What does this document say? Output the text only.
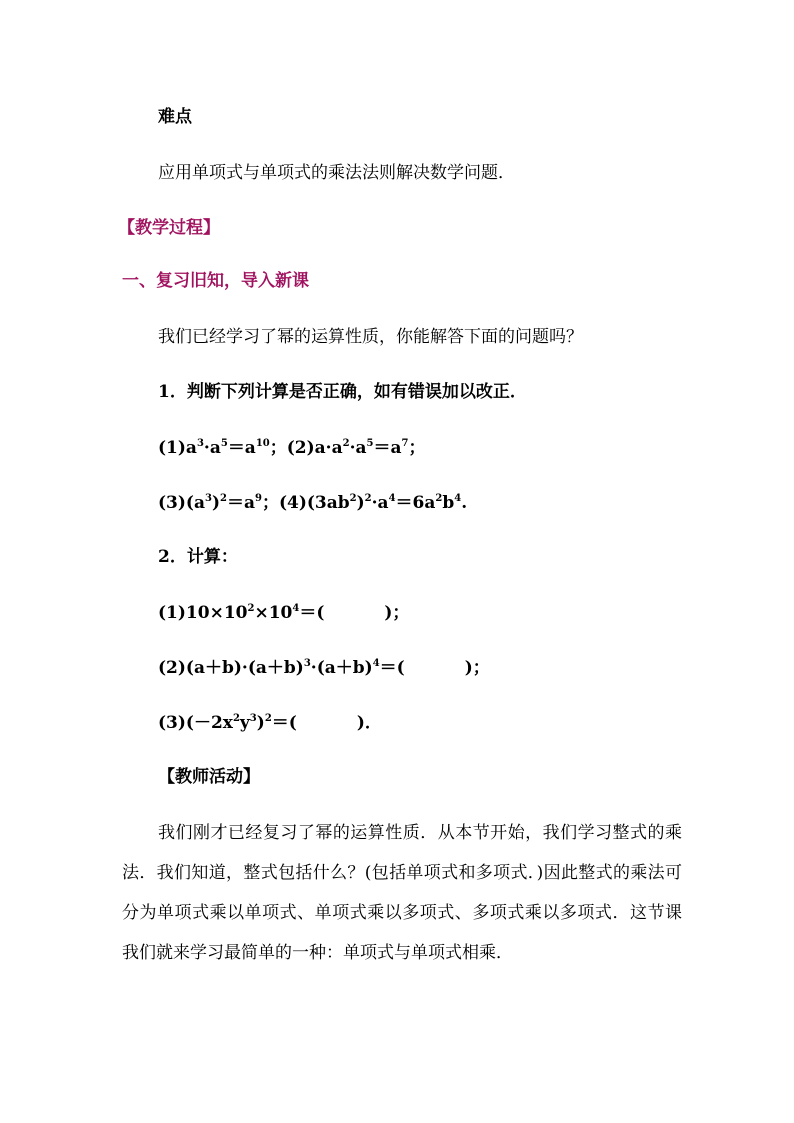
难点
应用单项式与单项式的乘法法则解决数学问题．
【教学过程】
一、复习旧知，导入新课
我们已经学习了幂的运算性质，你能解答下面的问题吗？
1．判断下列计算是否正确，如有错误加以改正．
$(1)a^3\cdot a^5=a^{10}$；$(2)a\cdot a^2\cdot a^5=a^7$；
$(3)(a^3)^2=a^9$；$(4)(3ab^2)^2\cdot a^4=6a^2b^4$.
2．计算：
$(1)10\times 10^2\times 10^4=$(	)；
$(2)(a+b)\cdot(a+b)^3\cdot(a+b)^4=$(	)；
$(3)(-2x^2y^3)^2=$(	)．
【教师活动】
我们刚才已经复习了幂的运算性质．从本节开始，我们学习整式的乘法．我们知道，整式包括什么？(包括单项式和多项式．)因此整式的乘法可分为单项式乘以单项式、单项式乘以多项式、多项式乘以多项式．这节课我们就来学习最简单的一种：单项式与单项式相乘．
